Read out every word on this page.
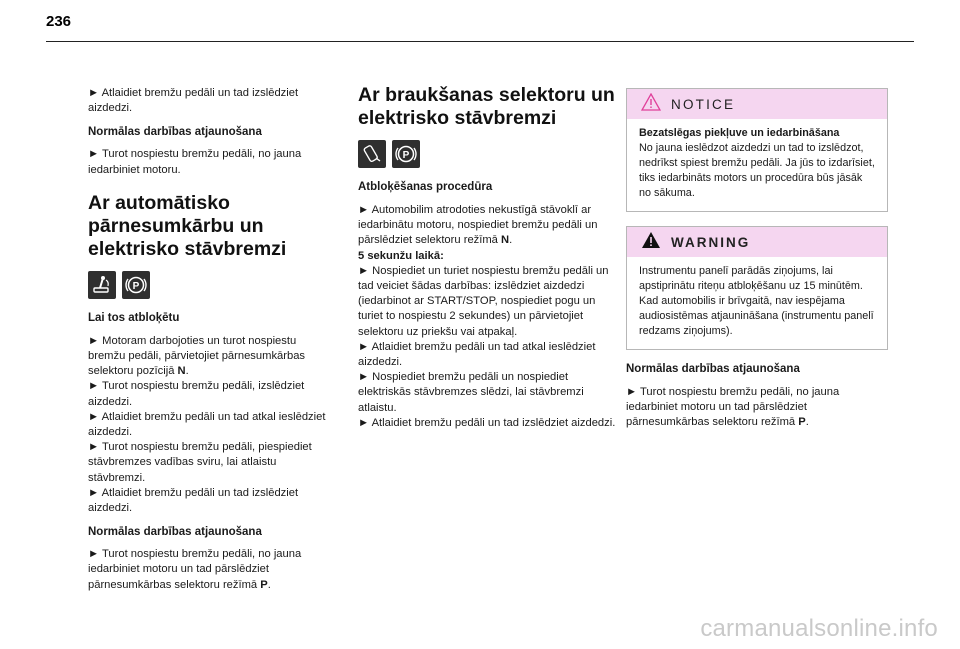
236

► Atlaidiet bremžu pedāli un tad izslēdziet aizdedzi.

Normālas darbības atjaunošana

► Turot nospiestu bremžu pedāli, no jauna iedarbiniet motoru.

Ar automātisko

pārnesumkārbu un

elektrisko stāvbremzi

P

Lai tos atbloķētu

► Motoram darbojoties un turot nospiestu bremžu pedāli, pārvietojiet pārnesumkārbas selektoru pozīcijā N.

► Turot nospiestu bremžu pedāli, izslēdziet aizdedzi.

► Atlaidiet bremžu pedāli un tad atkal ieslēdziet aizdedzi.

► Turot nospiestu bremžu pedāli, piespiediet stāvbremzes vadības sviru, lai atlaistu stāvbremzi.

► Atlaidiet bremžu pedāli un tad izslēdziet aizdedzi.

Normālas darbības atjaunošana

► Turot nospiestu bremžu pedāli, no jauna iedarbiniet motoru un tad pārslēdziet pārnesumkārbas selektoru režīmā P.

Ar braukšanas selektoru un

elektrisko stāvbremzi

P

Atbloķēšanas procedūra

► Automobilim atrodoties nekustīgā stāvoklī ar iedarbinātu motoru, nospiediet bremžu pedāli un pārslēdziet selektoru režīmā N.

5 sekunžu laikā:

► Nospiediet un turiet nospiestu bremžu pedāli un tad veiciet šādas darbības: izslēdziet aizdedzi (iedarbinot ar START/STOP, nospiediet pogu un turiet to nospiestu 2 sekundes) un pārvietojiet selektoru uz priekšu vai atpakaļ.

► Atlaidiet bremžu pedāli un tad atkal ieslēdziet aizdedzi.

► Nospiediet bremžu pedāli un nospiediet elektriskās stāvbremzes slēdzi, lai stāvbremzi atlaistu.

► Atlaidiet bremžu pedāli un tad izslēdziet aizdedzi.

NOTICE

Bezatslēgas piekļuve un iedarbināšana

No jauna ieslēdzot aizdedzi un tad to izslēdzot, nedrīkst spiest bremžu pedāli. Ja jūs to izdarīsiet, tiks iedarbināts motors un procedūra būs jāsāk no sākuma.

WARNING

Instrumentu panelī parādās ziņojums, lai apstiprinātu riteņu atbloķēšanu uz 15 minūtēm.

Kad automobilis ir brīvgaitā, nav iespējama audiosistēmas atjaunināšana (instrumentu panelī redzams ziņojums).

Normālas darbības atjaunošana

► Turot nospiestu bremžu pedāli, no jauna iedarbiniet motoru un tad pārslēdziet pārnesumkārbas selektoru režīmā P.

carmanualsonline.info
